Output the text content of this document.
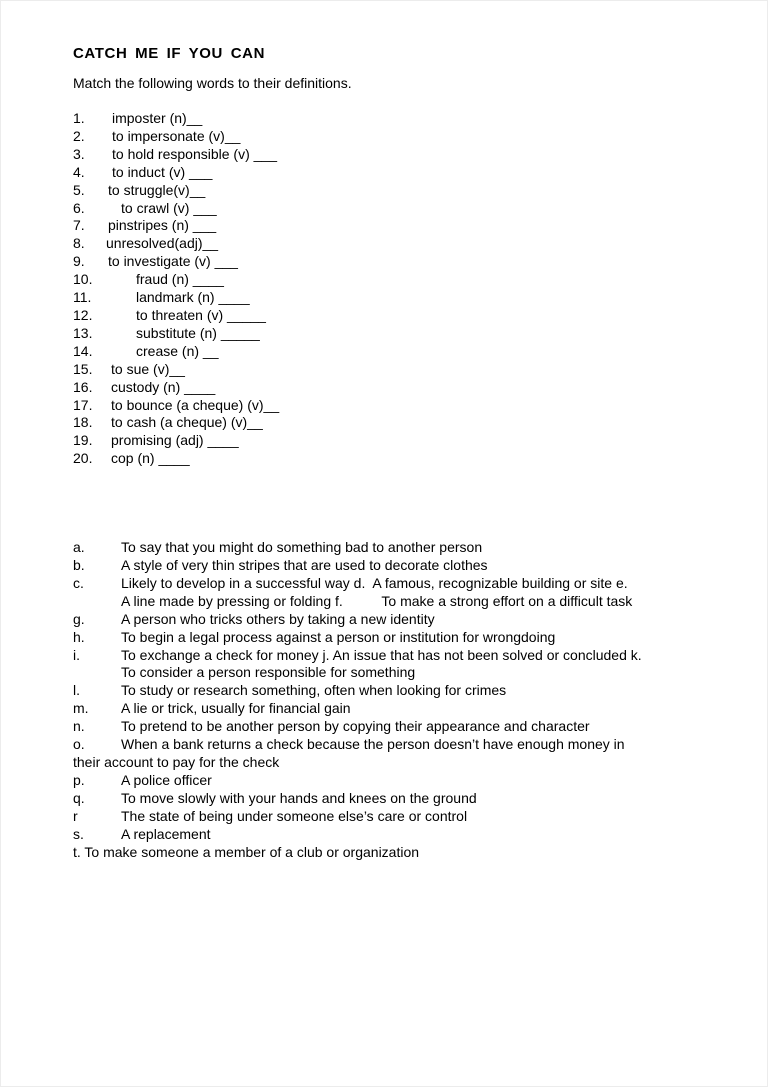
CATCH ME IF YOU CAN

Match the following words to their definitions.

1. imposter (n)__
2. to impersonate (v)__
3. to hold responsible (v) ___
4. to induct (v) ___
5. to struggle(v)__
6.	to crawl (v) ___
7. pinstripes (n) ___
8. unresolved(adj)__
9. to investigate (v) ___
10.	fraud (n) ____
11.	landmark (n) ____
12.	to threaten (v) _____
13.	substitute (n) _____
14.	crease (n) __
15. to sue (v)__
16. custody (n) ____
17. to bounce (a cheque) (v)__
18. to cash (a cheque) (v)__
19. promising (adj) ____
20. cop (n) ____
a.	To say that you might do something bad to another person
b.	A style of very thin stripes that are used to decorate clothes
c.	Likely to develop in a successful way d.  A famous, recognizable building or site e.
A line made by pressing or folding f.          To make a strong effort on a difficult task
g.	A person who tricks others by taking a new identity
h.	To begin a legal process against a person or institution for wrongdoing
i.	To exchange a check for money j. An issue that has not been solved or concluded k.
To consider a person responsible for something
l.	To study or research something, often when looking for crimes
m. A lie or trick, usually for financial gain
n.	To pretend to be another person by copying their appearance and character
o.	When a bank returns a check because the person doesn’t have enough money in
their account to pay for the check
p.	A police officer
q.	To move slowly with your hands and knees on the ground
r	The state of being under someone else’s care or control
s.	A replacement
t. To make someone a member of a club or organization
